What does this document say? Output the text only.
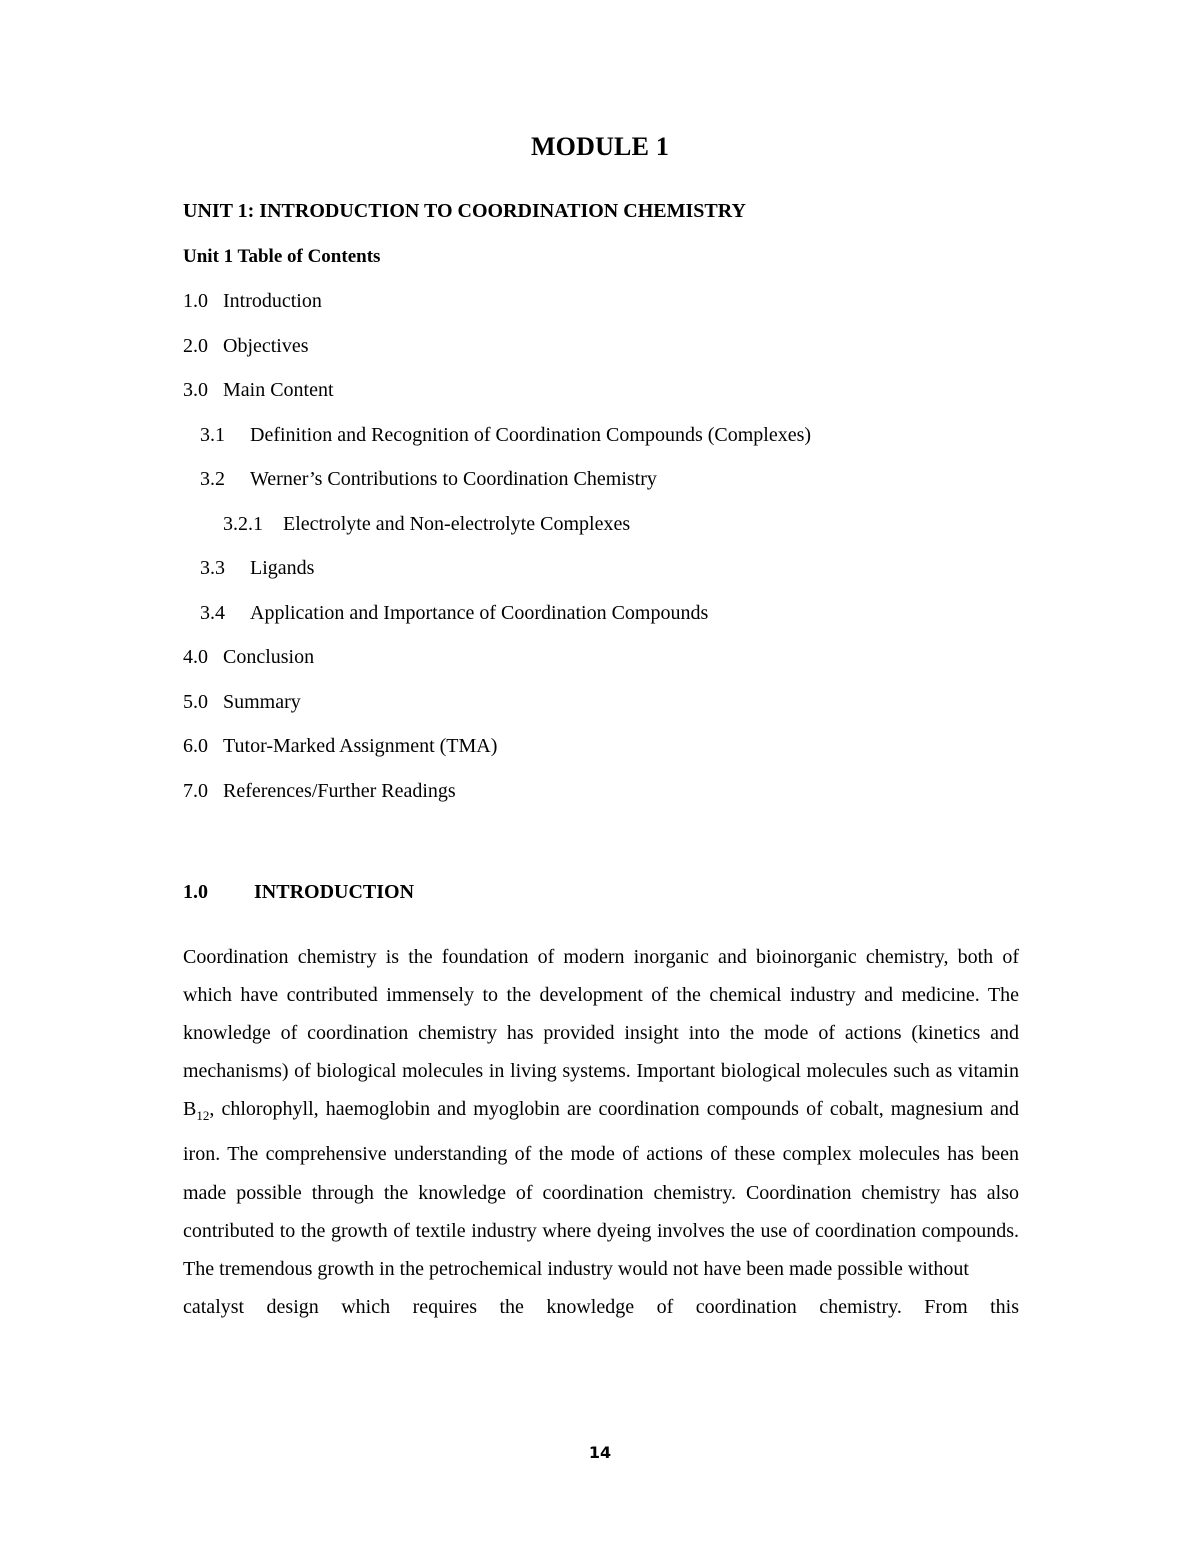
MODULE 1
UNIT 1: INTRODUCTION TO COORDINATION CHEMISTRY
Unit 1 Table of Contents
1.0 Introduction
2.0 Objectives
3.0 Main Content
3.1	Definition and Recognition of Coordination Compounds (Complexes)
3.2	Werner’s Contributions to Coordination Chemistry
3.2.1	Electrolyte and Non-electrolyte Complexes
3.3	Ligands
3.4	Application and Importance of Coordination Compounds
4.0 Conclusion
5.0 Summary
6.0 Tutor-Marked Assignment (TMA)
7.0 References/Further Readings
1.0 INTRODUCTION
Coordination chemistry is the foundation of modern inorganic and bioinorganic chemistry, both of which have contributed immensely to the development of the chemical industry and medicine. The knowledge of coordination chemistry has provided insight into the mode of actions (kinetics and mechanisms) of biological molecules in living systems. Important biological molecules such as vitamin $B_{12}$, chlorophyll, haemoglobin and myoglobin are coordination compounds of cobalt, magnesium and iron. The comprehensive understanding of the mode of actions of these complex molecules has been made possible through the knowledge of coordination chemistry. Coordination chemistry has also contributed to the growth of textile industry where dyeing involves the use of coordination compounds. The tremendous growth in the petrochemical industry would not have been made possible without
catalyst design which requires the knowledge of coordination chemistry. From this
14
